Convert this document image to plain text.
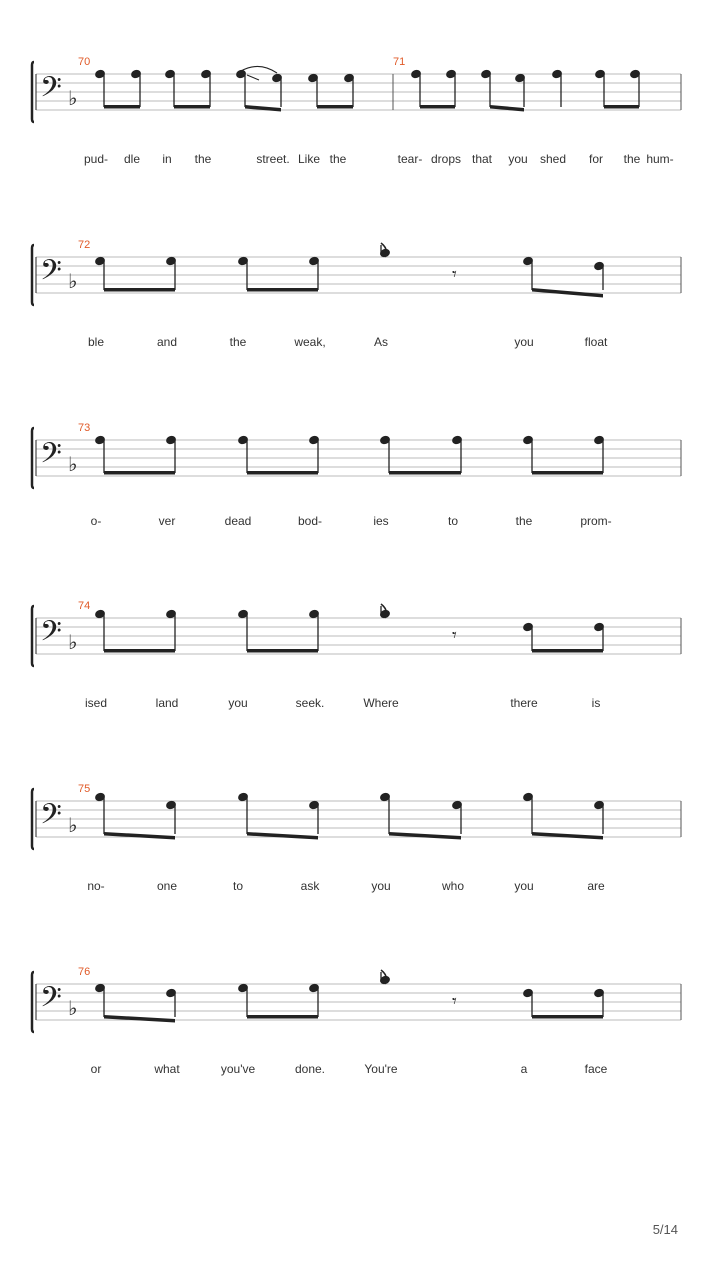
𝄢 ♭
70	71
pud- dle in the	street. Like the	tear- drops that you shed for the hum-
𝄢 ♭
72
𝄾
ble	and	the	weak,	As	you	float
𝄢 ♭
73
o-	ver	dead	bod-	ies	to	the	prom-
𝄢 ♭
74
𝄾
ised	land	you	seek.	Where	there	is
𝄢 ♭
75
no-	one	to	ask	you	who	you	are
𝄢 ♭
76
𝄾
or	what	you've	done.	You're	a	face
5/14
